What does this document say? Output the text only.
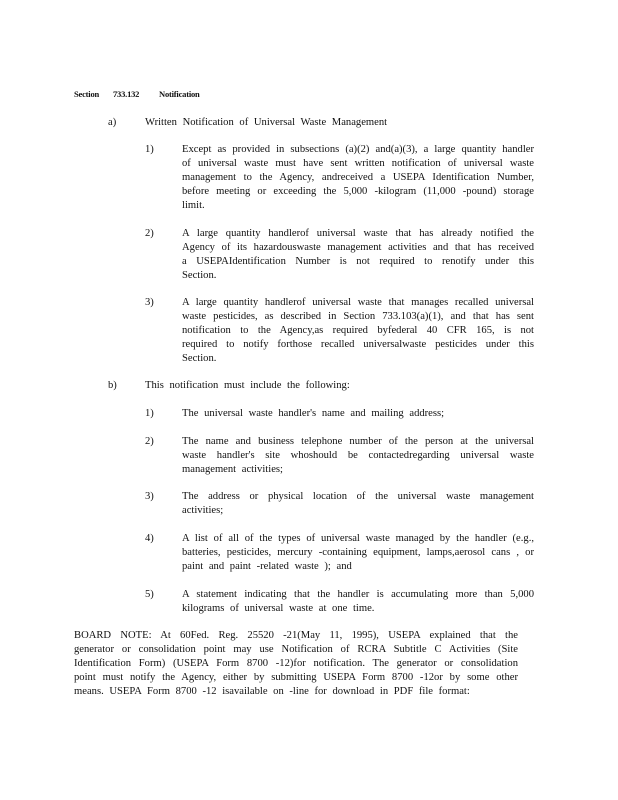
Section 733.132 Notification
a)	Written Notification of Universal Waste Management
1)	Except as provided in subsections (a)(2) and(a)(3), a large quantity handler of universal waste must have sent written notification of universal waste management to the Agency, andreceived a USEPA Identification Number, before meeting or exceeding the 5,000 -kilogram (11,000 -pound) storage limit.

2)	A large quantity handlerof universal waste that has already notified the Agency of its hazardouswaste management activities and that has received a USEPAIdentification Number is not required to renotify under this Section.

3)	A large quantity handlerof universal waste that manages recalled universal waste pesticides, as described in Section 733.103(a)(1), and that has sent notification to the Agency,as required byfederal 40 CFR 165, is not required to notify forthose recalled universalwaste pesticides under this Section.

b)	This notification must include the following:
1)	The universal waste handler's name and mailing address;

2)	The name and business telephone number of the person at the universal waste handler's site whoshould be contactedregarding universal waste management activities;

3)	The address or physical location of the universal waste management activities;

4)	A list of all of the types of universal waste managed by the handler (e.g., batteries, pesticides, mercury -containing equipment, lamps,aerosol cans , or paint and paint -related waste ); and

5)	A statement indicating that the handler is accumulating more than 5,000 kilograms of universal waste at one time.

BOARD NOTE: At 60Fed. Reg. 25520 -21(May 11, 1995), USEPA explained that the generator or consolidation point may use Notification of RCRA Subtitle C Activities (Site Identification Form) (USEPA Form 8700 -12)for notification. The generator or consolidation point must notify the Agency, either by submitting USEPA Form 8700 -12or by some other means. USEPA Form 8700 -12 isavailable on -line for download in PDF file format:
